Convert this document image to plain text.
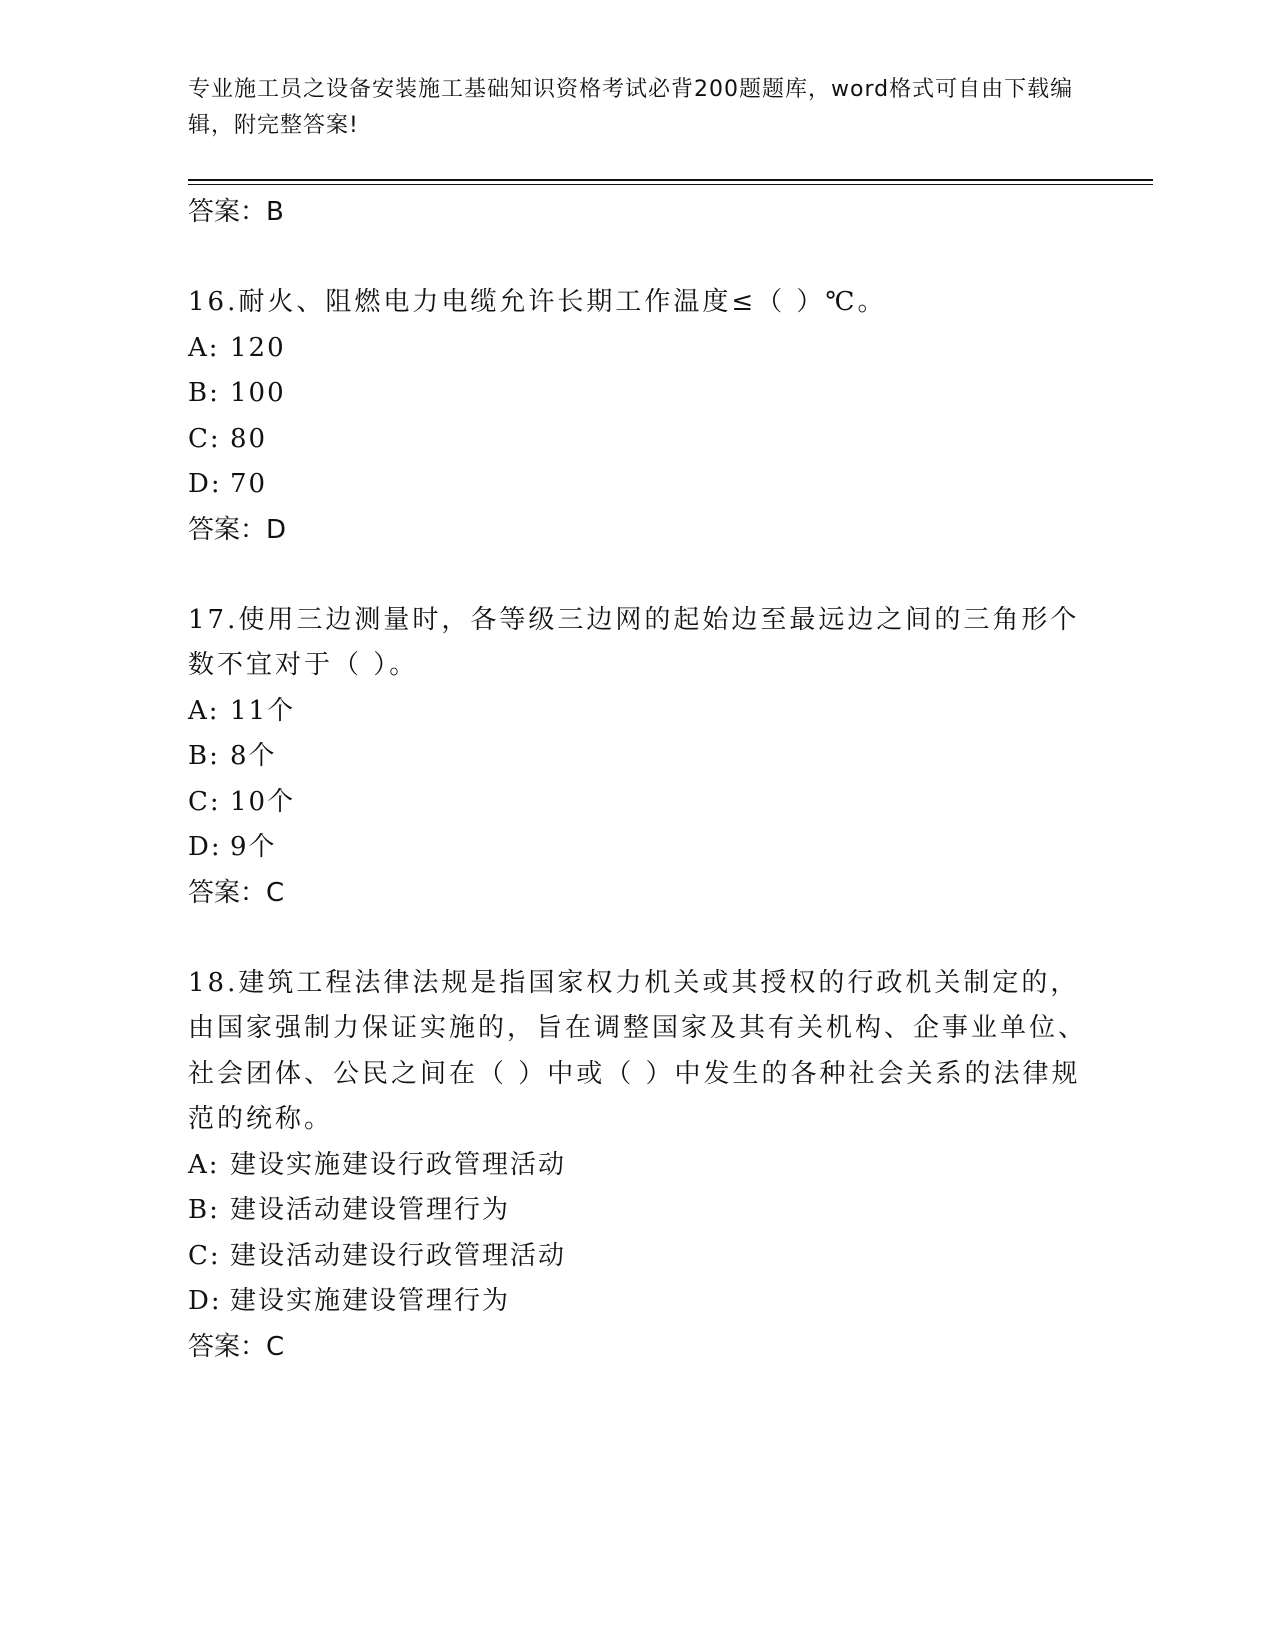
专业施工员之设备安装施工基础知识资格考试必背200题题库，word格式可自由下载编辑，附完整答案!
答案：B
16.耐火、阻燃电力电缆允许长期工作温度≤（ ）℃。
A: 120
B: 100
C: 80
D: 70
答案：D
17.使用三边测量时，各等级三边网的起始边至最远边之间的三角形个数不宜对于（ ）。
A: 11个
B: 8个
C: 10个
D: 9个
答案：C
18.建筑工程法律法规是指国家权力机关或其授权的行政机关制定的，由国家强制力保证实施的，旨在调整国家及其有关机构、企事业单位、社会团体、公民之间在（ ）中或（ ）中发生的各种社会关系的法律规范的统称。
A: 建设实施建设行政管理活动
B: 建设活动建设管理行为
C: 建设活动建设行政管理活动
D: 建设实施建设管理行为
答案：C
